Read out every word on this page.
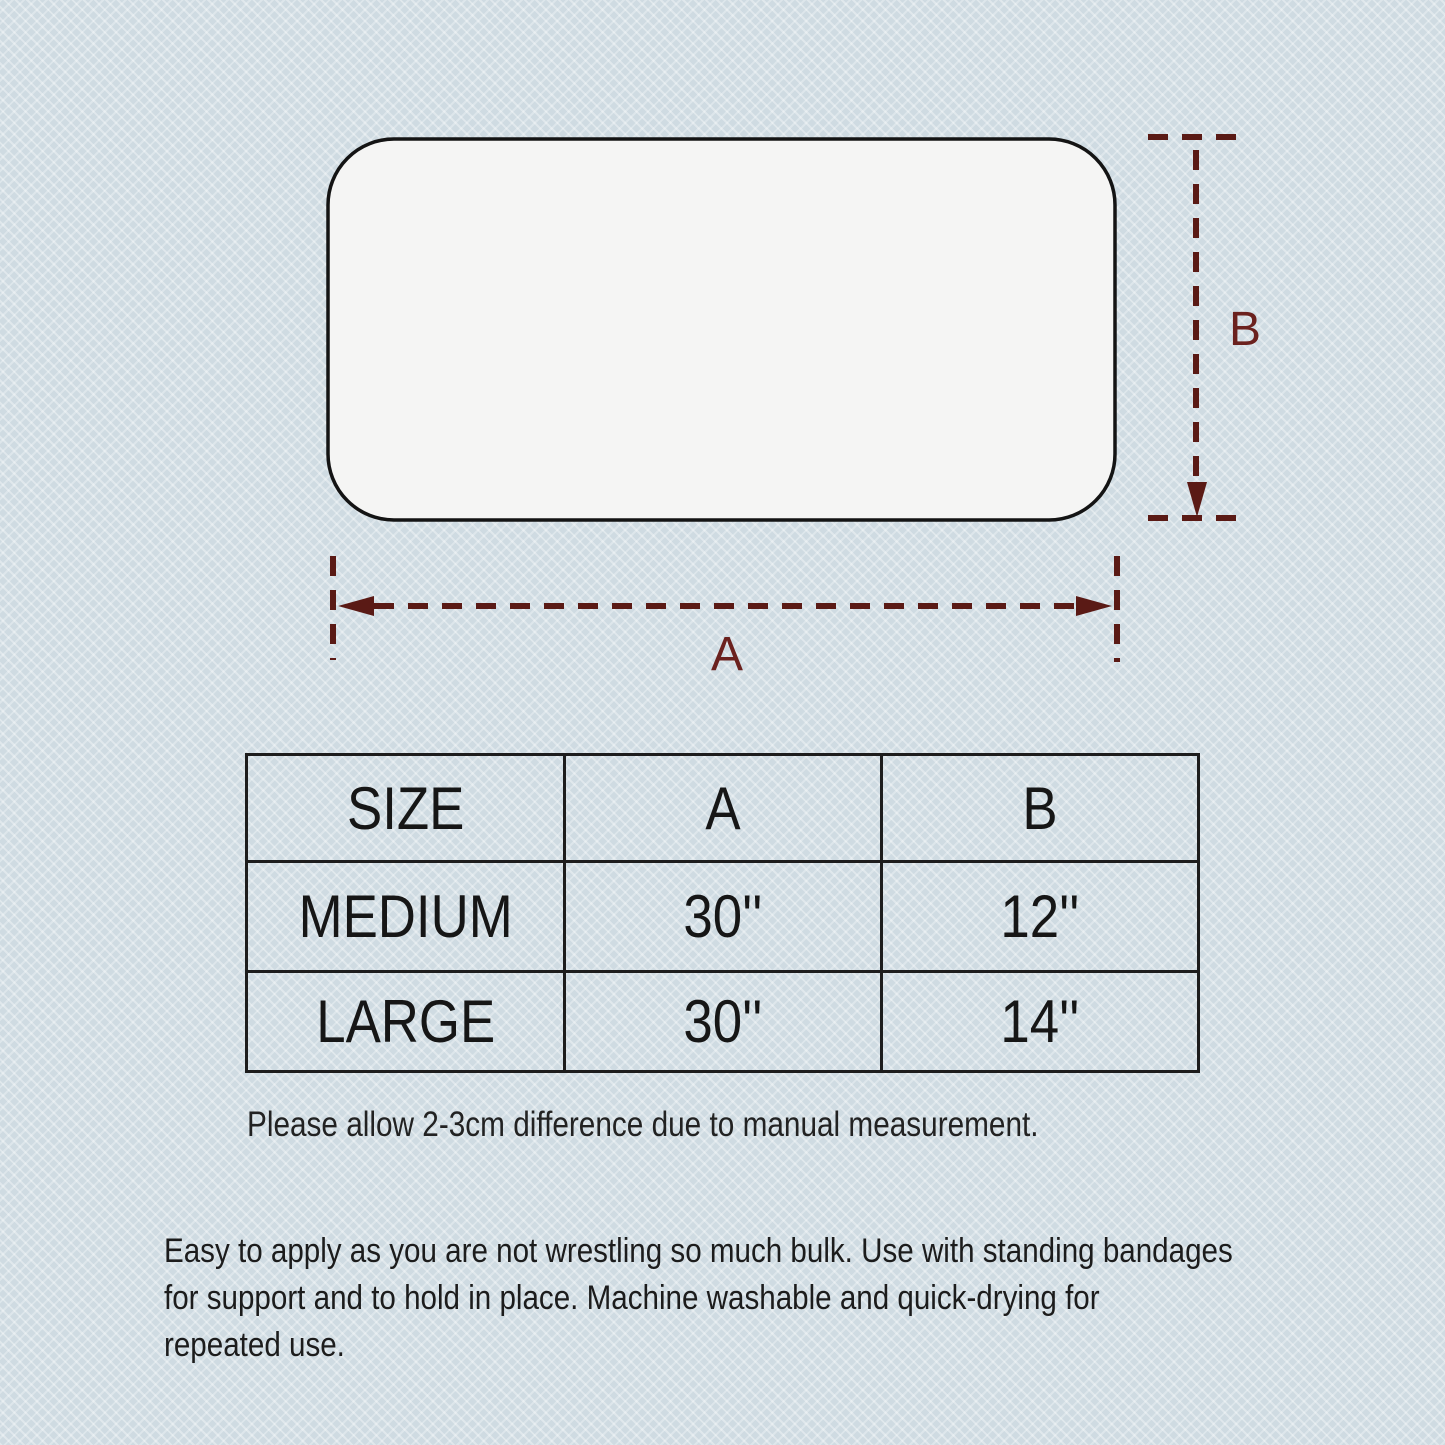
B
A
SIZE	A	B
MEDIUM	30''	12''
LARGE	30''	14''
Please allow 2-3cm difference due to manual measurement.
Easy to apply as you are not wrestling so much bulk. Use with standing bandages
for support and to hold in place. Machine washable and quick-drying for
repeated use.
